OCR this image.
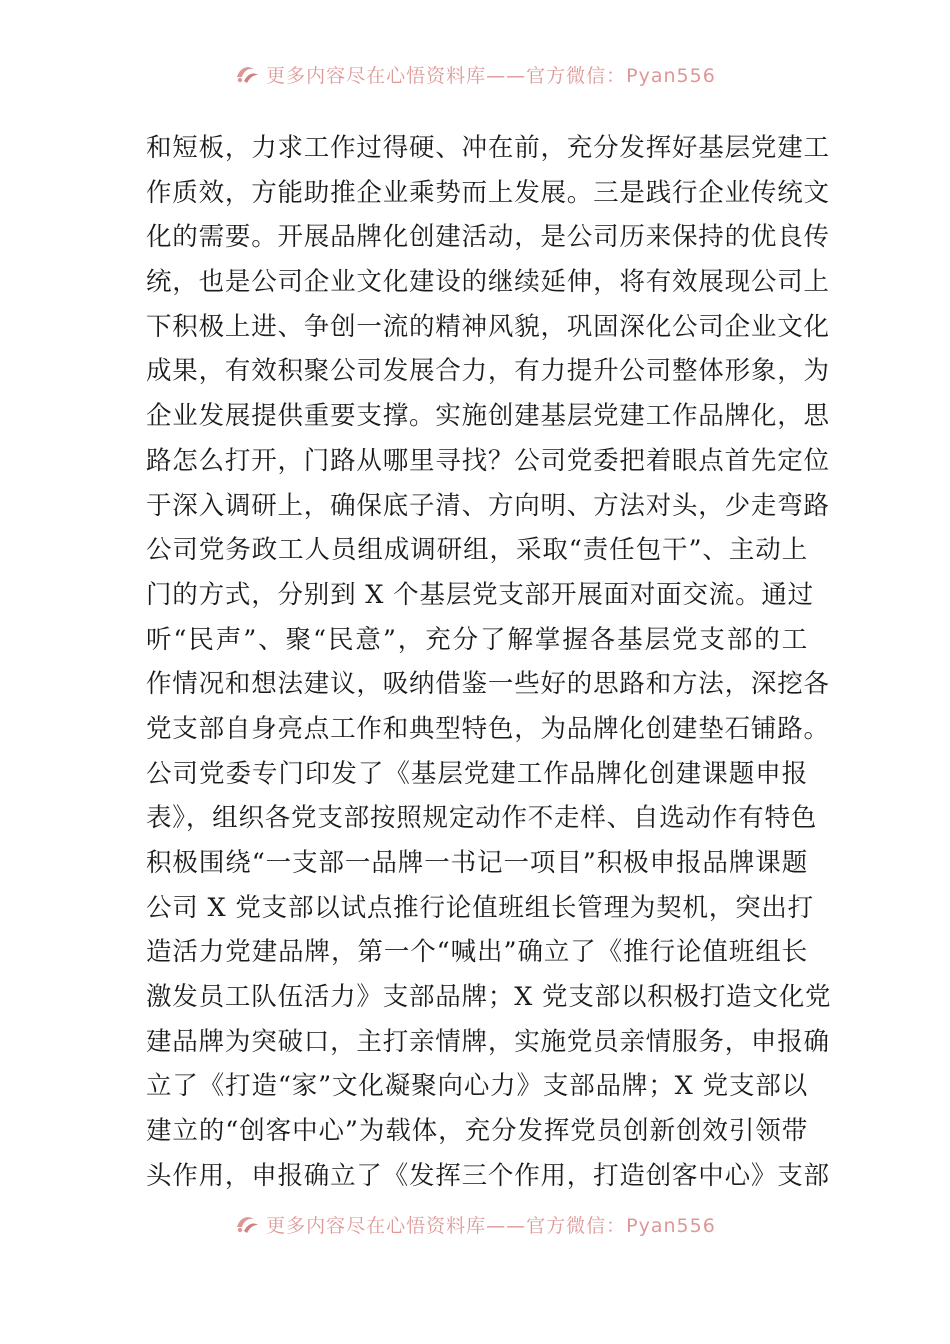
更多内容尽在心悟资料库——官方微信：Pyan556
和短板，力求工作过得硬、冲在前，充分发挥好基层党建工
作质效，方能助推企业乘势而上发展。三是践行企业传统文
化的需要。开展品牌化创建活动，是公司历来保持的优良传
统，也是公司企业文化建设的继续延伸，将有效展现公司上
下积极上进、争创一流的精神风貌，巩固深化公司企业文化
成果，有效积聚公司发展合力，有力提升公司整体形象，为
企业发展提供重要支撑。实施创建基层党建工作品牌化，思
路怎么打开，门路从哪里寻找？公司党委把着眼点首先定位
于深入调研上，确保底子清、方向明、方法对头，少走弯路
公司党务政工人员组成调研组，采取“责任包干”、主动上
门的方式，分别到 X 个基层党支部开展面对面交流。通过
听“民声”、聚“民意”，充分了解掌握各基层党支部的工
作情况和想法建议，吸纳借鉴一些好的思路和方法，深挖各
党支部自身亮点工作和典型特色，为品牌化创建垫石铺路。
公司党委专门印发了《基层党建工作品牌化创建课题申报
表》，组织各党支部按照规定动作不走样、自选动作有特色
积极围绕“一支部一品牌一书记一项目”积极申报品牌课题
公司 X 党支部以试点推行论值班组长管理为契机，突出打
造活力党建品牌，第一个“喊出”确立了《推行论值班组长
激发员工队伍活力》支部品牌；X 党支部以积极打造文化党
建品牌为突破口，主打亲情牌，实施党员亲情服务，申报确
立了《打造“家”文化凝聚向心力》支部品牌；X 党支部以
建立的“创客中心”为载体，充分发挥党员创新创效引领带
头作用，申报确立了《发挥三个作用，打造创客中心》支部
更多内容尽在心悟资料库——官方微信：Pyan556
